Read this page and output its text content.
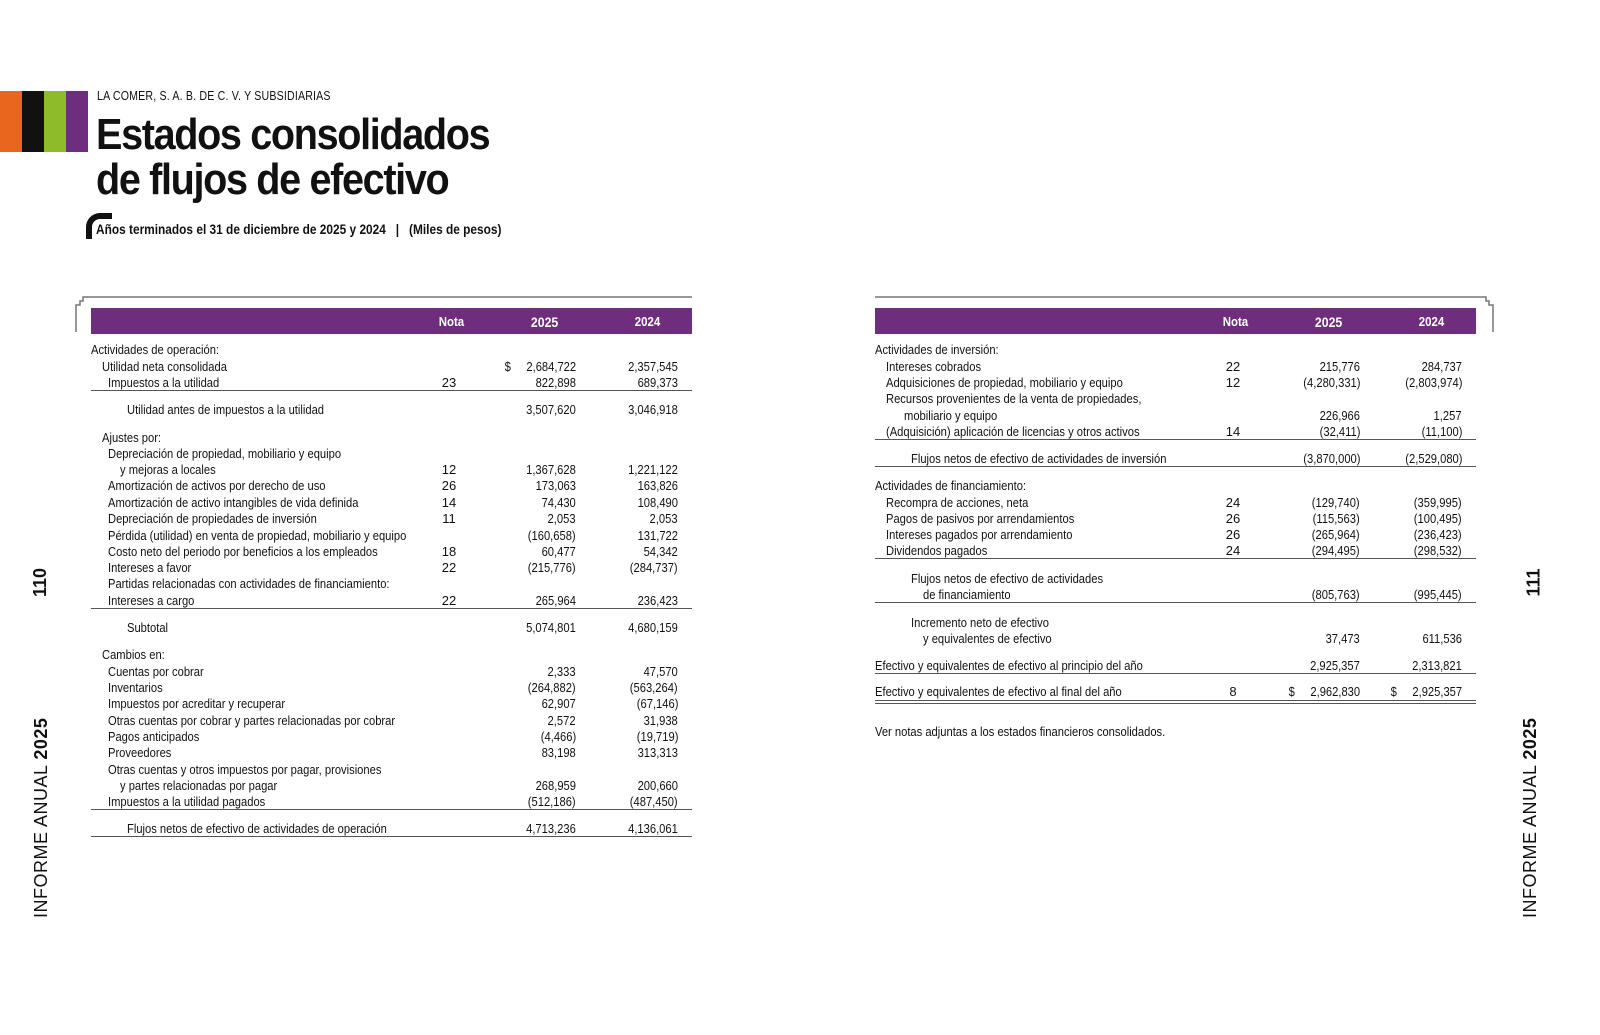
LA COMER, S. A. B. DE C. V. Y SUBSIDIARIAS
Estados consolidados
de flujos de efectivo
Años terminados el 31 de diciembre de 2025 y 2024   |   (Miles de pesos)
110
INFORME ANUAL 2025
111
INFORME ANUAL 2025
Nota	2025	2024	Nota	2025	2024
Actividades de operación:
Utilidad neta consolidada	$     2,684,722	2,357,545
Impuestos a la utilidad	23	822,898	689,373
Utilidad antes de impuestos a la utilidad	3,507,620	3,046,918
Ajustes por:
Depreciación de propiedad, mobiliario y equipo
y mejoras a locales	12	1,367,628	1,221,122
Amortización de activos por derecho de uso	26	173,063	163,826
Amortización de activo intangibles de vida definida	14	74,430	108,490
Depreciación de propiedades de inversión	11	2,053	2,053
Pérdida (utilidad) en venta de propiedad, mobiliario y equipo	(160,658)	131,722
Costo neto del periodo por beneficios a los empleados	18	60,477	54,342
Intereses a favor	22	(215,776)	(284,737)
Partidas relacionadas con actividades de financiamiento:
Intereses a cargo	22	265,964	236,423
Subtotal	5,074,801	4,680,159
Cambios en:
Cuentas por cobrar	2,333	47,570
Inventarios	(264,882)	(563,264)
Impuestos por acreditar y recuperar	62,907	(67,146)
Otras cuentas por cobrar y partes relacionadas por cobrar	2,572	31,938
Pagos anticipados	(4,466)	(19,719)
Proveedores	83,198	313,313
Otras cuentas y otros impuestos por pagar, provisiones
y partes relacionadas por pagar	268,959	200,660
Impuestos a la utilidad pagados	(512,186)	(487,450)
Flujos netos de efectivo de actividades de operación	4,713,236	4,136,061
Actividades de inversión:
Intereses cobrados	22	215,776	284,737
Adquisiciones de propiedad, mobiliario y equipo	12	(4,280,331)	(2,803,974)
Recursos provenientes de la venta de propiedades,
mobiliario y equipo	226,966	1,257
(Adquisición) aplicación de licencias y otros activos	14	(32,411)	(11,100)
Flujos netos de efectivo de actividades de inversión	(3,870,000)	(2,529,080)
Actividades de financiamiento:
Recompra de acciones, neta	24	(129,740)	(359,995)
Pagos de pasivos por arrendamientos	26	(115,563)	(100,495)
Intereses pagados por arrendamiento	26	(265,964)	(236,423)
Dividendos pagados	24	(294,495)	(298,532)
Flujos netos de efectivo de actividades
de financiamiento	(805,763)	(995,445)
Incremento neto de efectivo
y equivalentes de efectivo	37,473	611,536
Efectivo y equivalentes de efectivo al principio del año	2,925,357	2,313,821
Efectivo y equivalentes de efectivo al final del año	8	$     2,962,830 $     2,925,357
Ver notas adjuntas a los estados financieros consolidados.
